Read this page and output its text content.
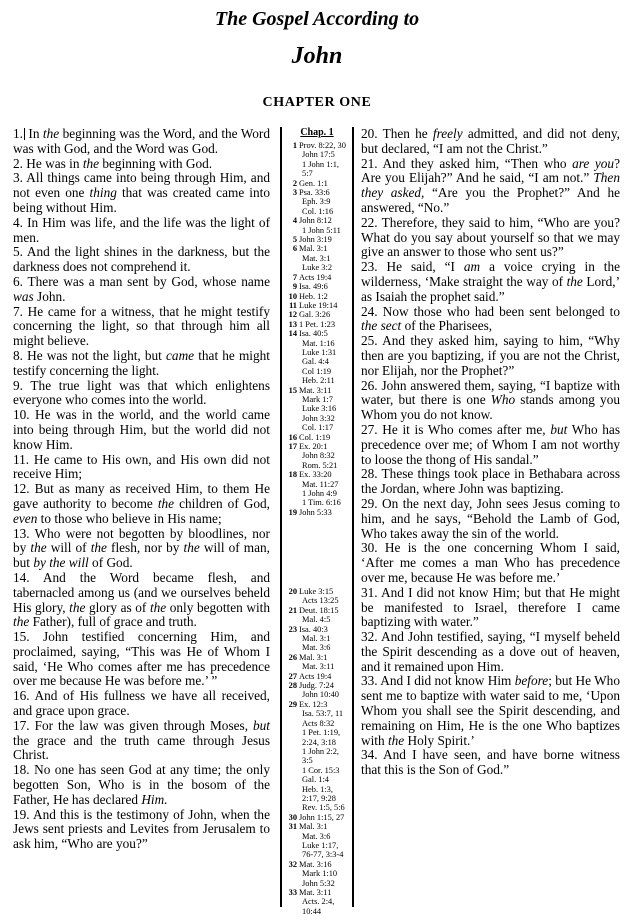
The Gospel According to
John
CHAPTER ONE

1. In the beginning was the Word, and the Word was with God, and the Word was God.

2. He was in the beginning with God.

3. All things came into being through Him, and not even one thing that was created came into being without Him.

4. In Him was life, and the life was the light of men.

5. And the light shines in the darkness, but the darkness does not comprehend it.

6. There was a man sent by God, whose name was John.

7. He came for a witness, that he might testify concerning the light, so that through him all might believe.

8. He was not the light, but came that he might testify concerning the light.

9. The true light was that which enlightens everyone who comes into the world.

10. He was in the world, and the world came into being through Him, but the world did not know Him.

11. He came to His own, and His own did not receive Him;

12. But as many as received Him, to them He gave authority to become the children of God, even to those who believe in His name;

13. Who were not begotten by bloodlines, nor by the will of the flesh, nor by the will of man, but by the will of God.

14. And the Word became flesh, and tabernacled among us (and we ourselves beheld His glory, the glory as of the only begotten with the Father), full of grace and truth.

15. John testified concerning Him, and proclaimed, saying, “This was He of Whom I said, ‘He Who comes after me has precedence over me because He was before me.’ ”

16. And of His fullness we have all received, and grace upon grace.

17. For the law was given through Moses, but the grace and the truth came through Jesus Christ.

18. No one has seen God at any time; the only begotten Son, Who is in the bosom of the Father, He has declared Him.

19. And this is the testimony of John, when the Jews sent priests and Levites from Jerusalem to ask him, “Who are you?”

Chap. 1
1 Prov. 8:22, 30
John 17:5
1 John 1:1,
5:7
2 Gen. 1:1
3 Psa. 33:6
Eph. 3:9
Col. 1:16
4 John 8:12
1 John 5:11
5 John 3:19
6 Mal. 3:1
Mat. 3:1
Luke 3:2
7 Acts 19:4
9 Isa. 49:6
10 Heb. 1:2
11 Luke 19:14
12 Gal. 3:26
13 1 Pet. 1:23
14 Isa. 40:5
Mat. 1:16
Luke 1:31
Gal. 4:4
Col 1:19
Heb. 2:11
15 Mat. 3:11
Mark 1:7
Luke 3:16
John 3:32
Col. 1:17
16 Col. 1:19
17 Ex. 20:1
John 8:32
Rom. 5:21
18 Ex. 33:20
Mat. 11:27
1 John 4:9
1 Tim. 6:16
19 John 5:33
20 Luke 3:15
Acts 13:25
21 Deut. 18:15
Mal. 4:5
23 Isa. 40:3
Mal. 3:1
Mat. 3:6
26 Mal. 3:1
Mat. 3:11
27 Acts 19:4
28 Judg. 7:24
John 10:40
29 Ex. 12:3
Isa. 53:7, 11
Acts 8:32
1 Pet. 1:19,
2:24, 3:18
1 John 2:2,
3:5
1 Cor. 15:3
Gal. 1:4
Heb. 1:3,
2:17, 9:28
Rev. 1:5, 5:6
30 John 1:15, 27
31 Mal. 3:1
Mat. 3:6
Luke 1:17,
76-77, 3:3-4
32 Mat. 3:16
Mark 1:10
John 5:32
33 Mat. 3:11
Acts. 2:4,
10:44

20. Then he freely admitted, and did not deny, but declared, “I am not the Christ.”

21. And they asked him, “Then who are you? Are you Elijah?” And he said, “I am not.” Then they asked, “Are you the Prophet?” And he answered, “No.”

22. Therefore, they said to him, “Who are you? What do you say about yourself so that we may give an answer to those who sent us?”

23. He said, “I am a voice crying in the wilderness, ‘Make straight the way of the Lord,’ as Isaiah the prophet said.”

24. Now those who had been sent belonged to the sect of the Pharisees,

25. And they asked him, saying to him, “Why then are you baptizing, if you are not the Christ, nor Elijah, nor the Prophet?”

26. John answered them, saying, “I baptize with water, but there is one Who stands among you Whom you do not know.

27. He it is Who comes after me, but Who has precedence over me; of Whom I am not worthy to loose the thong of His sandal.”

28. These things took place in Bethabara across the Jordan, where John was baptizing.

29. On the next day, John sees Jesus coming to him, and he says, “Behold the Lamb of God, Who takes away the sin of the world.

30. He is the one concerning Whom I said, ‘After me comes a man Who has precedence over me, because He was before me.’

31. And I did not know Him; but that He might be manifested to Israel, therefore I came baptizing with water.”

32. And John testified, saying, “I myself beheld the Spirit descending as a dove out of heaven, and it remained upon Him.

33. And I did not know Him before; but He Who sent me to baptize with water said to me, ‘Upon Whom you shall see the Spirit descending, and remaining on Him, He is the one Who baptizes with the Holy Spirit.’

34. And I have seen, and have borne witness that this is the Son of God.”
